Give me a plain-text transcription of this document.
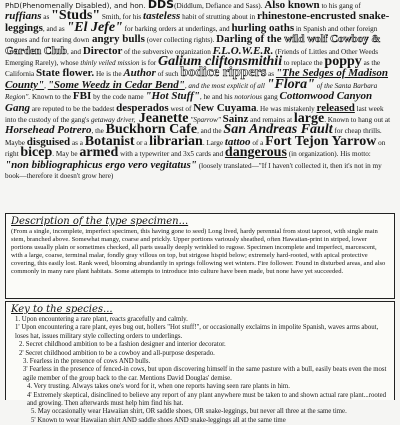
PhD(Phenomenally Disabled), and hon. DDS(Diddlum, Defiance and Sass). Also known to his gang of ruffians as "Studs" Smith, for his tasteless habit of strutting about in rhinestone-encrusted snake-leggings, and as "El Jefe" for barking orders at underlings, and hurling oaths in Spanish and other foreign tongues and for tearing down angry bulls (over collecting rights). Darling of the wild wolf Cowboy & Garden Club, and Director of the subversive organization F.L.O.W.E.R. (Friends of Littles and Other Weeds Emerging Rarely), whose thinly veiled mission is for Galium cliftonsmithii to replace the poppy as the California State flower. He is the Author of such bodice rippers as "The Sedges of Madison County", "Some Weedz in Cedar Bend", and the most explicit of all "Flora" of the Santa Barbara Region". Known to the FBI by the code name "Hot Stuff", he and his notorious gang Cottonwood Canyon Gang are reputed to be the baddest desperados west of New Cuyama. He was mistakenly released last week into the custody of the gang's getaway driver, Jeanette "Sparrow" Sainz and remains at large. Known to hang out at Horsehead Potrero, the Buckhorn Cafe, and the San Andreas Fault for cheap thrills. Maybe disguised as a Botanist or a librarian. Large tattoo of a Fort Tejon Yarrow on right bicep. May be armed with a typewriter and 3x5 cards and dangerous (in organization). His motto: "non bibliographicus ergo vero vegitatus" (loosely translated—"If I haven't collected it, then it's not in my book—therefore it doesn't grow here)

Description of the type specimen...

(From a single, incomplete, imperfect specimen, this having gone to seed) Long lived, hardy perennial from stout taproot, with single main stem, branched above. Somewhat mangy, coarse and prickly. Upper portions variously sheathed, often Hawaiian-print in striped, lower portions usually plain or sometimes checked, all parts usually deeply wrinkled to rugose. Specimen incomplete and imperfect, marcescent, with a large, coarse, terminal malar, fondly gray villous on top, but strigose hispid below; extremely hard-rooted, with apical protective covering, this easily lost. Rank weed, blooming abundantly in springs following wet winters. Fire follower. Found in disturbed areas, and also commonly in many rare plant habitats. Some attempts to introduce into culture have been made, but none have yet succeeded.

Key to the species...

1. Upon encountering a rare plant, reacts gracefully and calmly.
1' Upon encountering a rare plant, eyes bug out, hollers "Hot stuff!", or occasionally exclaims in impolite Spanish, waves arms about, loses hat, issues military style collecting orders to underlings.
2. Secret childhood ambition to be a fashion designer and interior decorator.
2' Secret childhood ambition to be a cowboy and all-purpose desperado.
3. Fearless in the presence of cows AND bulls.
3' Fearless in the presence of fenced-in cows, but upon discovering himself in the same pasture with a bull, easily beats even the most agile member of the group back to the car. Mentions David Douglas' demise.
4. Very trusting. Always takes one's word for it, when one reports having seen rare plants in him.
4' Extremely skeptical, disinclined to believe any report of any plant anywhere must be taken to and shown actual rare plant...rooted and growing. Then afterwards must help him find his hat.
5. May occasionally wear Hawaiian shirt, OR saddle shoes, OR snake-leggings, but never all three at the same time.
5' Known to wear Hawaiian shirt AND saddle shoes AND snake-leggings all at the same time
